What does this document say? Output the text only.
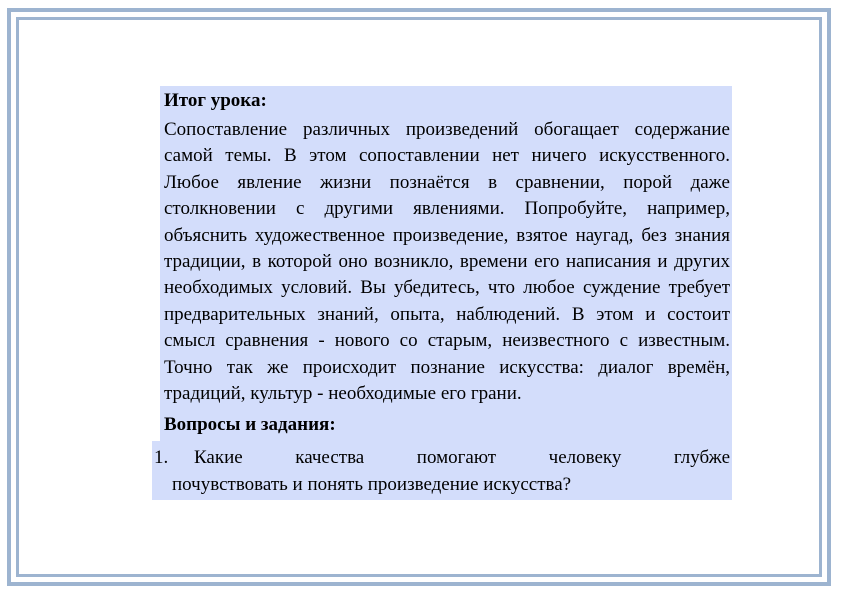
Итог урока:
Сопоставление различных произведений обогащает содержание самой темы. В этом сопоставлении нет ничего искусственного. Любое явление жизни познаётся в сравнении, порой даже столкновении с другими явлениями. Попробуйте, например, объяснить художественное произведение, взятое наугад, без знания традиции, в которой оно возникло, времени его написания и других необходимых условий. Вы убедитесь, что любое суждение требует предварительных знаний, опыта, наблюдений. В этом и состоит смысл сравнения - нового со старым, неизвестного с известным. Точно так же происходит познание искусства: диалог времён, традиций, культур - необходимые его грани.
Вопросы и задания:
1.	Какие качества помогают человеку глубже
почувствовать и понять произведение искусства?
